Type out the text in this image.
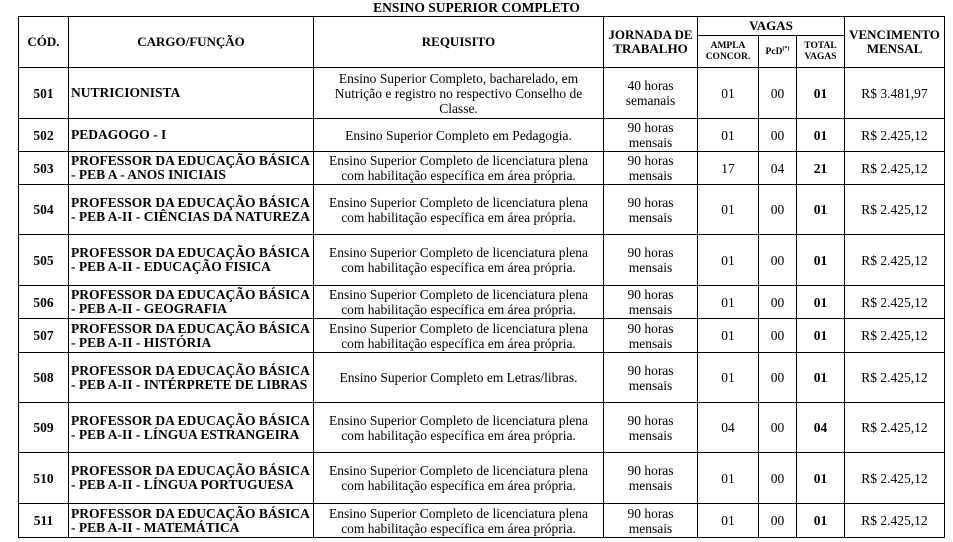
ENSINO SUPERIOR COMPLETO
CÓD.	CARGO/FUNÇÃO	REQUISITO	JORNADA DE TRABALHO	VAGAS			VENCIMENTO MENSAL
				AMPLA CONCOR.	PcD(*)	TOTAL VAGAS	
501	NUTRICIONISTA	Ensino Superior Completo, bacharelado, em Nutrição e registro no respectivo Conselho de Classe.	40 horas semanais	01	00	01	R$ 3.481,97
502	PEDAGOGO - I	Ensino Superior Completo em Pedagogia.	90 horas mensais	01	00	01	R$ 2.425,12
503	PROFESSOR DA EDUCAÇÃO BÁSICA - PEB A - ANOS INICIAIS	Ensino Superior Completo de licenciatura plena com habilitação específica em área própria.	90 horas mensais	17	04	21	R$ 2.425,12
504	PROFESSOR DA EDUCAÇÃO BÁSICA - PEB A-II - CIÊNCIAS DA NATUREZA	Ensino Superior Completo de licenciatura plena com habilitação específica em área própria.	90 horas mensais	01	00	01	R$ 2.425,12
505	PROFESSOR DA EDUCAÇÃO BÁSICA - PEB A-II - EDUCAÇÃO FISICA	Ensino Superior Completo de licenciatura plena com habilitação específica em área própria.	90 horas mensais	01	00	01	R$ 2.425,12
506	PROFESSOR DA EDUCAÇÃO BÁSICA - PEB A-II - GEOGRAFIA	Ensino Superior Completo de licenciatura plena com habilitação específica em área própria.	90 horas mensais	01	00	01	R$ 2.425,12
507	PROFESSOR DA EDUCAÇÃO BÁSICA - PEB A-II - HISTÓRIA	Ensino Superior Completo de licenciatura plena com habilitação específica em área própria.	90 horas mensais	01	00	01	R$ 2.425,12
508	PROFESSOR DA EDUCAÇÃO BÁSICA - PEB A-II - INTÉRPRETE DE LIBRAS	Ensino Superior Completo em Letras/libras.	90 horas mensais	01	00	01	R$ 2.425,12
509	PROFESSOR DA EDUCAÇÃO BÁSICA - PEB A-II - LÍNGUA ESTRANGEIRA	Ensino Superior Completo de licenciatura plena com habilitação específica em área própria.	90 horas mensais	04	00	04	R$ 2.425,12
510	PROFESSOR DA EDUCAÇÃO BÁSICA - PEB A-II - LÍNGUA PORTUGUESA	Ensino Superior Completo de licenciatura plena com habilitação específica em área própria.	90 horas mensais	01	00	01	R$ 2.425,12
511	PROFESSOR DA EDUCAÇÃO BÁSICA - PEB A-II - MATEMÁTICA	Ensino Superior Completo de licenciatura plena com habilitação específica em área própria.	90 horas mensais	01	00	01	R$ 2.425,12
